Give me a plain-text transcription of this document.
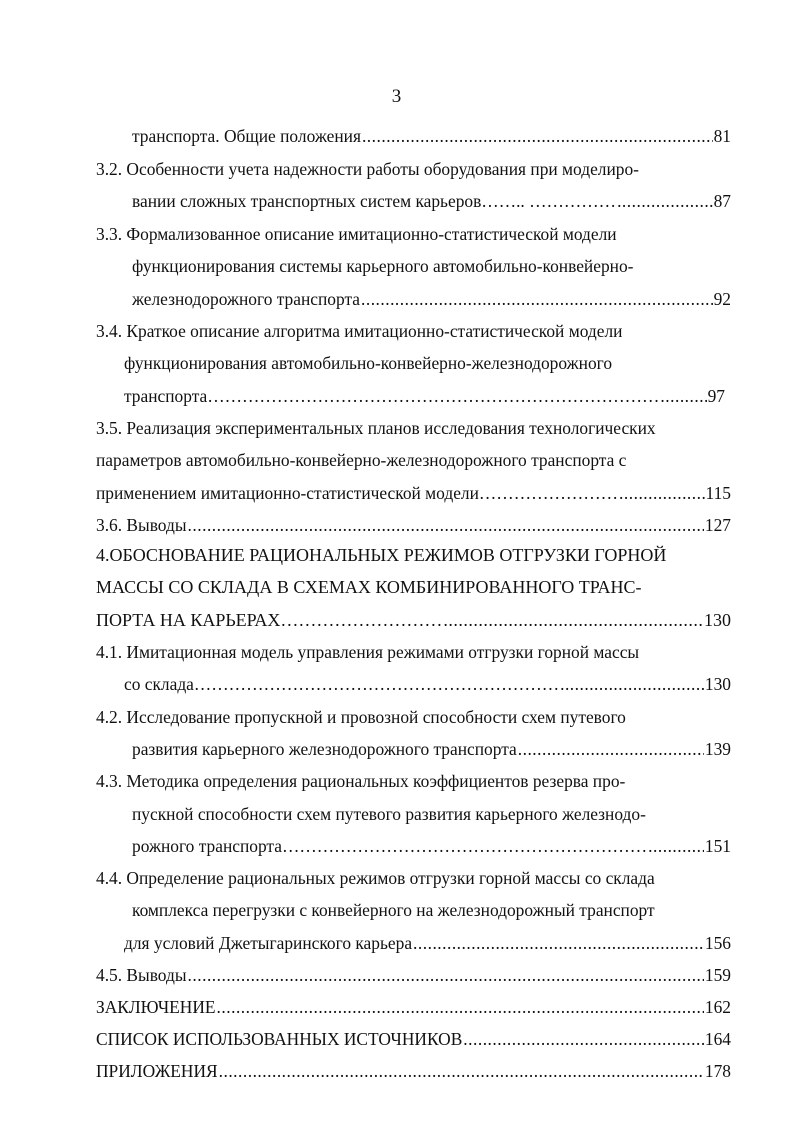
3
транспорта. Общие положения .....	81
3.2. Особенности учета надежности работы оборудования при моделиро-
вании сложных транспортных систем карьеров…….. …………… .....	87
3.3. Формализованное описание имитационно-статистической модели
функционирования системы карьерного автомобильно-конвейерно-
железнодорожного транспорта .....	92
3.4. Краткое описание алгоритма имитационно-статистической модели
функционирования автомобильно-конвейерно-железнодорожного
транспорта…………………………………………………………………… .....	97
3.5. Реализация экспериментальных планов исследования технологических
параметров автомобильно-конвейерно-железнодорожного транспорта с
применением имитационно-статистической модели…………………… .....	115
3.6. Выводы .....	127
4.ОБОСНОВАНИЕ РАЦИОНАЛЬНЫХ РЕЖИМОВ ОТГРУЗКИ ГОРНОЙ
МАССЫ СО СКЛАДА В СХЕМАХ КОМБИНИРОВАННОГО ТРАНС-
ПОРТА НА КАРЬЕРАХ……………………… .....	130
4.1. Имитационная модель управления режимами отгрузки горной массы
со склада……………………………………………………… .....	130
4.2. Исследование пропускной и провозной способности схем путевого
развития карьерного железнодорожного транспорта .....	139
4.3. Методика определения рациональных коэффициентов резерва про-
пускной способности схем путевого развития карьерного железнодо-
рожного транспорта……………………………………………………… .....	151
4.4. Определение рациональных режимов отгрузки горной массы со склада
комплекса перегрузки с конвейерного на железнодорожный транспорт
для условий Джетыгаринского карьера .....	156
4.5. Выводы .....	159
ЗАКЛЮЧЕНИЕ .....	162
СПИСОК ИСПОЛЬЗОВАННЫХ ИСТОЧНИКОВ .....	164
ПРИЛОЖЕНИЯ .....	178
